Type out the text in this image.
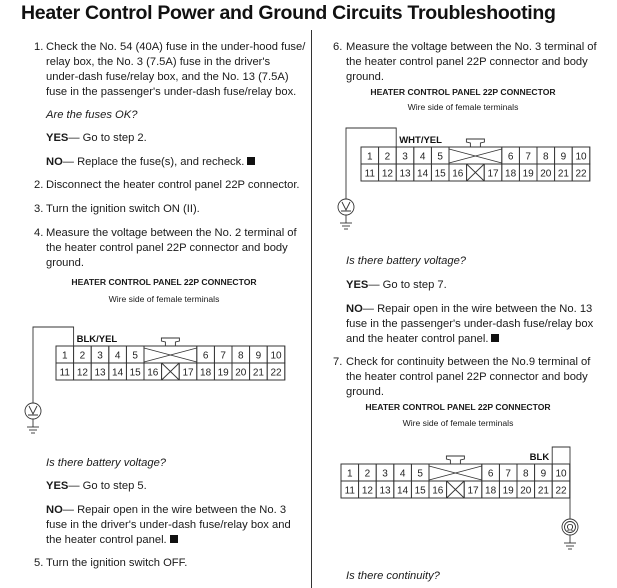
Heater Control Power and Ground Circuits Troubleshooting
1. Check the No. 54 (40A) fuse in the under-hood fuse/

relay box, the No. 3 (7.5A) fuse in the driver's

under-dash fuse/relay box, and the No. 13 (7.5A)

fuse in the passenger's under-dash fuse/relay box.

Are the fuses OK?

YES— Go to step 2.

NO— Replace the fuse(s), and recheck.

2. Disconnect the heater control panel 22P connector.

3. Turn the ignition switch ON (II).

4. Measure the voltage between the No. 2 terminal of

the heater control panel 22P connector and body

ground.

HEATER CONTROL PANEL 22P CONNECTOR
Wire side of female terminals
1 2 3 4 5	6 7 8 9 10
11 12 13 14 15 16 17 18 19 20 21 22
BLK/YEL

Is there battery voltage?

YES— Go to step 5.

NO— Repair open in the wire between the No. 3

fuse in the driver's under-dash fuse/relay box and

the heater control panel.

5. Turn the ignition switch OFF.

6. Measure the voltage between the No. 3 terminal of

the heater control panel 22P connector and body

ground.

HEATER CONTROL PANEL 22P CONNECTOR
Wire side of female terminals
1 2 3 4 5	6 7 8 9 10
11 12 13 14 15 16 17 18 19 20 21 22
WHT/YEL

Is there battery voltage?

YES— Go to step 7.

NO— Repair open in the wire between the No. 13

fuse in the passenger's under-dash fuse/relay box

and the heater control panel.

7. Check for continuity between the No.9 terminal of

the heater control panel 22P connector and body

ground.

HEATER CONTROL PANEL 22P CONNECTOR
Wire side of female terminals
1 2 3 4 5	6 7 8 9 10
11 12 13 14 15 16 17 18 19 20 21 22
BLK
Ω

Is there continuity?
